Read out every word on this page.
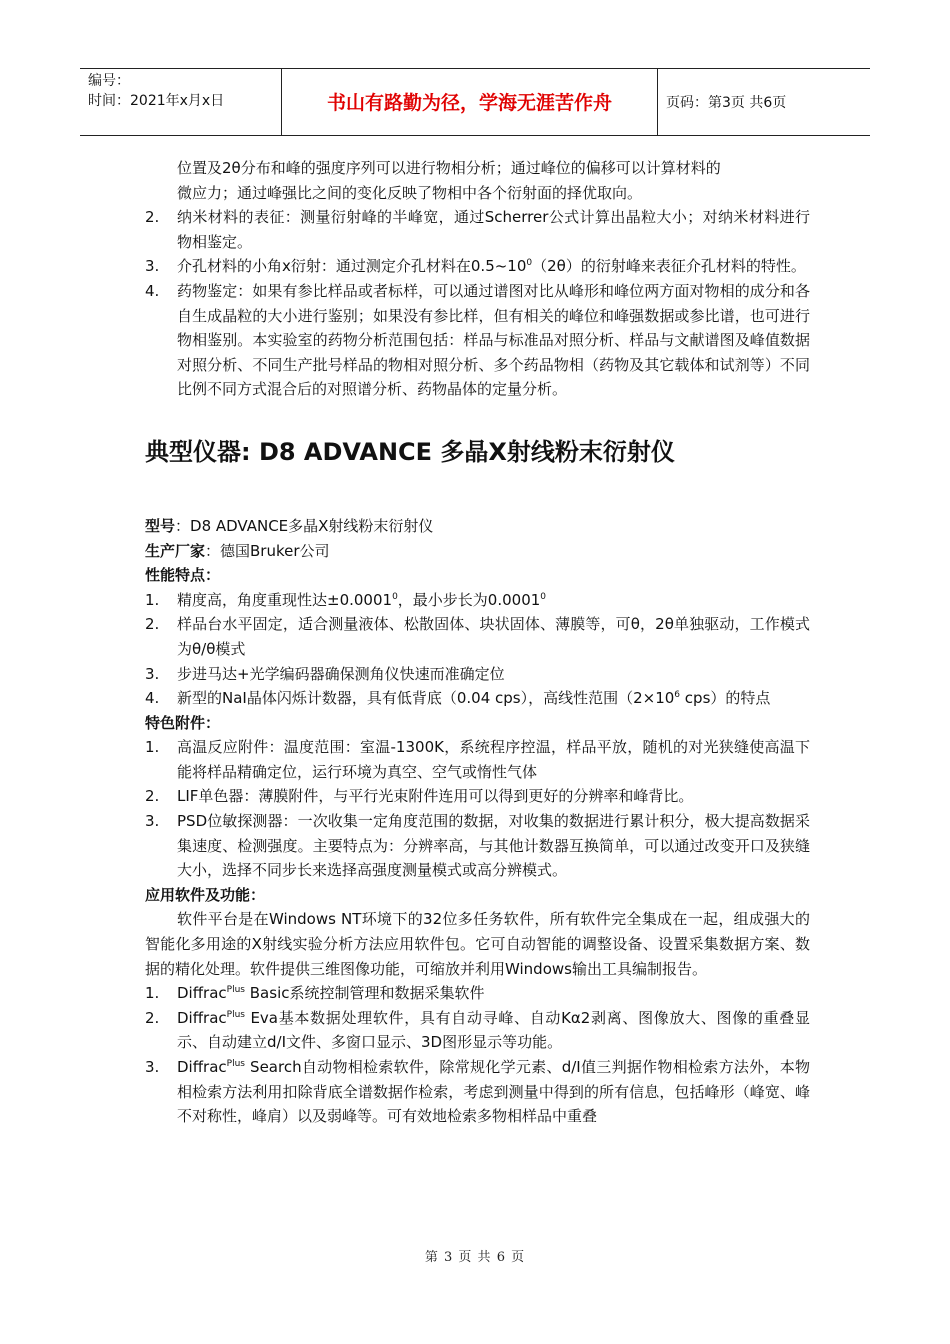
编号：
时间：2021年x月x日	书山有路勤为径，学海无涯苦作舟	页码：第3页 共6页
位置及2θ分布和峰的强度序列可以进行物相分析；通过峰位的偏移可以计算材料的
微应力；通过峰强比之间的变化反映了物相中各个衍射面的择优取向。
2. 纳米材料的表征：测量衍射峰的半峰宽，通过Scherrer公式计算出晶粒大小；对纳米材料进行物相鉴定。
3. 介孔材料的小角x衍射：通过测定介孔材料在$0.5\sim 10^0(2\theta)$的衍射峰来表征介孔材料的特性。
4. 药物鉴定：如果有参比样品或者标样，可以通过谱图对比从峰形和峰位两方面对物相的成分和各自生成晶粒的大小进行鉴别；如果没有参比样，但有相关的峰位和峰强数据或参比谱，也可进行物相鉴别。本实验室的药物分析范围包括：样品与标准品对照分析、样品与文献谱图及峰值数据对照分析、不同生产批号样品的物相对照分析、多个药品物相（药物及其它载体和试剂等）不同比例不同方式混合后的对照谱分析、药物晶体的定量分析。
典型仪器: D8 ADVANCE 多晶X射线粉末衍射仪
型号：D8 ADVANCE多晶X射线粉末衍射仪
生产厂家：德国Bruker公司
性能特点：
1. 精度高，角度重现性达$\pm 0.0001^0$，最小步长为0.0001$^0$
2. 样品台水平固定，适合测量液体、松散固体、块状固体、薄膜等，可θ，2θ单独驱动，工作模式为θ/θ模式
3. 步进马达+光学编码器确保测角仪快速而准确定位
4. 新型的NaI晶体闪烁计数器，具有低背底（0.04 cps），高线性范围（$2\times 10^6$ cps）的特点
特色附件：
1. 高温反应附件：温度范围：室温-1300K，系统程序控温，样品平放，随机的对光狭缝使高温下能将样品精确定位，运行环境为真空、空气或惰性气体
2. LIF单色器：薄膜附件，与平行光束附件连用可以得到更好的分辨率和峰背比。
3. PSD位敏探测器：一次收集一定角度范围的数据，对收集的数据进行累计积分，极大提高数据采集速度、检测强度。主要特点为：分辨率高，与其他计数器互换简单，可以通过改变开口及狭缝大小，选择不同步长来选择高强度测量模式或高分辨模式。
应用软件及功能：
软件平台是在Windows NT环境下的32位多任务软件，所有软件完全集成在一起，组成强大的智能化多用途的X射线实验分析方法应用软件包。它可自动智能的调整设备、设置采集数据方案、数据的精化处理。软件提供三维图像功能，可缩放并利用Windows输出工具编制报告。
1. Diffrac$^{Plus}$ Basic系统控制管理和数据采集软件
2. Diffrac$^{Plus}$ Eva基本数据处理软件，具有自动寻峰、自动Kα2剥离、图像放大、图像的重叠显示、自动建立d/I文件、多窗口显示、3D图形显示等功能。
3. Diffrac$^{Plus}$ Search自动物相检索软件，除常规化学元素、d/I值三判据作物相检索方法外，本物相检索方法利用扣除背底全谱数据作检索，考虑到测量中得到的所有信息，包括峰形（峰宽、峰不对称性，峰肩）以及弱峰等。可有效地检索多物相样品中重叠
第 3 页 共 6 页
